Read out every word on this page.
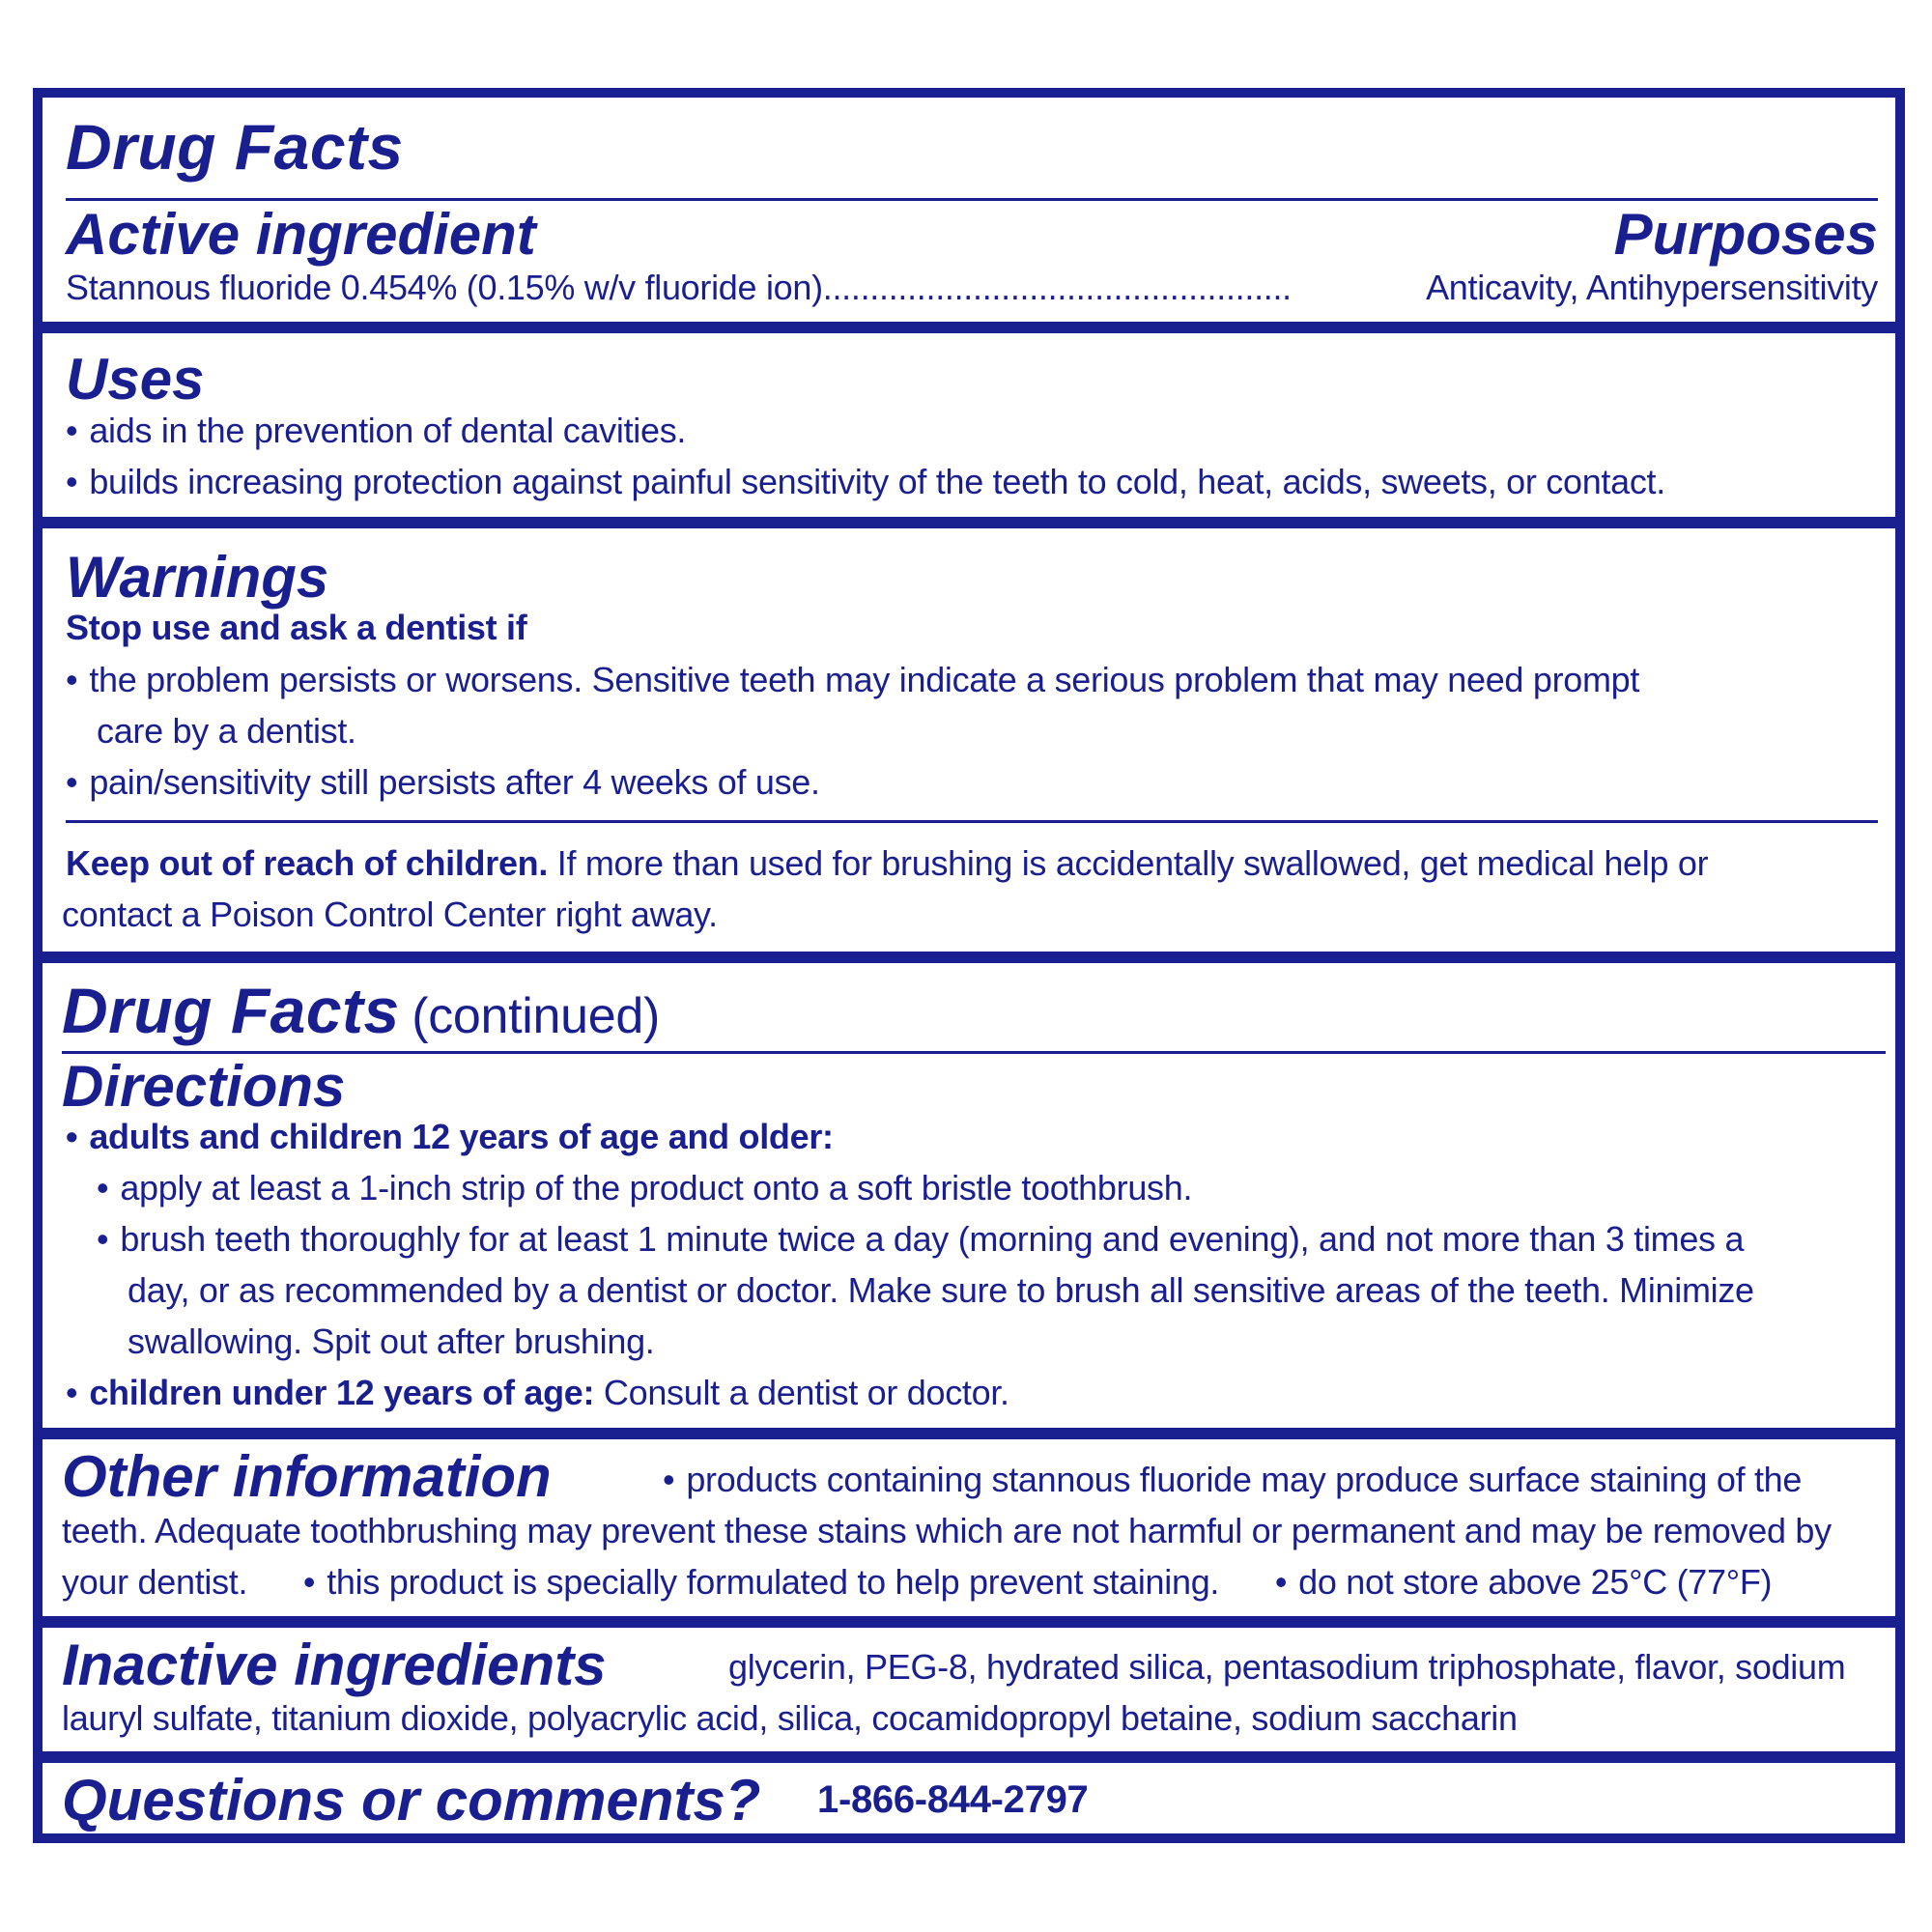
Drug Facts
Active ingredient	Purposes
Stannous fluoride 0.454% (0.15% w/v fluoride ion)..................................................	Anticavity, Antihypersensitivity
Uses
• aids in the prevention of dental cavities.
• builds increasing protection against painful sensitivity of the teeth to cold, heat, acids, sweets, or contact.
Warnings
Stop use and ask a dentist if
• the problem persists or worsens. Sensitive teeth may indicate a serious problem that may need prompt
care by a dentist.
• pain/sensitivity still persists after 4 weeks of use.
Keep out of reach of children. If more than used for brushing is accidentally swallowed, get medical help or
contact a Poison Control Center right away.
Drug Facts (continued)
Directions
• adults and children 12 years of age and older:
• apply at least a 1-inch strip of the product onto a soft bristle toothbrush.
• brush teeth thoroughly for at least 1 minute twice a day (morning and evening), and not more than 3 times a
day, or as recommended by a dentist or doctor. Make sure to brush all sensitive areas of the teeth. Minimize
swallowing. Spit out after brushing.
• children under 12 years of age: Consult a dentist or doctor.
Other information	• products containing stannous fluoride may produce surface staining of the
teeth. Adequate toothbrushing may prevent these stains which are not harmful or permanent and may be removed by
your dentist. • this product is specially formulated to help prevent staining. • do not store above 25°C (77°F)
Inactive ingredients	glycerin, PEG-8, hydrated silica, pentasodium triphosphate, flavor, sodium
lauryl sulfate, titanium dioxide, polyacrylic acid, silica, cocamidopropyl betaine, sodium saccharin
Questions or comments? 1-866-844-2797
